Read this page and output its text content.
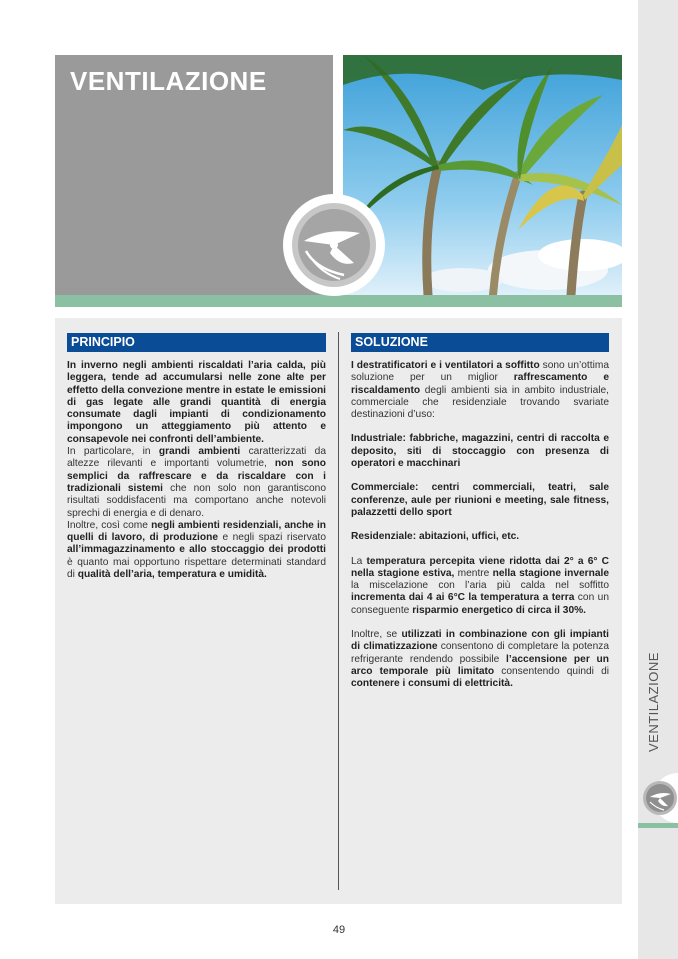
VENTILAZIONE
VENTILAZIONE
PRINCIPIO	SOLUZIONE

In inverno negli ambienti riscaldati l’aria calda, più leggera, tende ad accumularsi nelle zone alte per effetto della convezione mentre in estate le emissioni di gas legate alle grandi quantità di energia consumate dagli impianti di condizionamento impongono un atteggiamento più attento e consapevole nei confronti dell’ambiente.

In particolare, in grandi ambienti caratterizzati da altezze rilevanti e importanti volumetrie, non sono semplici da raffrescare e da riscaldare con i tradizionali sistemi che non solo non garantiscono risultati soddisfacenti ma comportano anche notevoli sprechi di energia e di denaro.

Inoltre, così come negli ambienti residenziali, anche in quelli di lavoro, di produzione e negli spazi riservato all’immagazzinamento e allo stoccaggio dei prodotti è quanto mai opportuno rispettare determinati standard di qualità dell’aria, temperatura e umidità.

I destratificatori e i ventilatori a soffitto sono un’ottima soluzione per un miglior raffrescamento e riscaldamento degli ambienti sia in ambito industriale, commerciale che residenziale trovando svariate destinazioni d’uso:

Industriale: fabbriche, magazzini, centri di raccolta e deposito, siti di stoccaggio con presenza di operatori e macchinari

Commerciale: centri commerciali, teatri, sale conferenze, aule per riunioni e meeting, sale fitness, palazzetti dello sport

Residenziale: abitazioni, uffici, etc.

La temperatura percepita viene ridotta dai 2° a 6° C nella stagione estiva, mentre nella stagione invernale la miscelazione con l’aria più calda nel soffitto incrementa dai 4 ai 6°C la temperatura a terra con un conseguente risparmio energetico di circa il 30%.

Inoltre, se utilizzati in combinazione con gli impianti di climatizzazione consentono di completare la potenza refrigerante rendendo possibile l’accensione per un arco temporale più limitato consentendo quindi di contenere i consumi di elettricità.

49
